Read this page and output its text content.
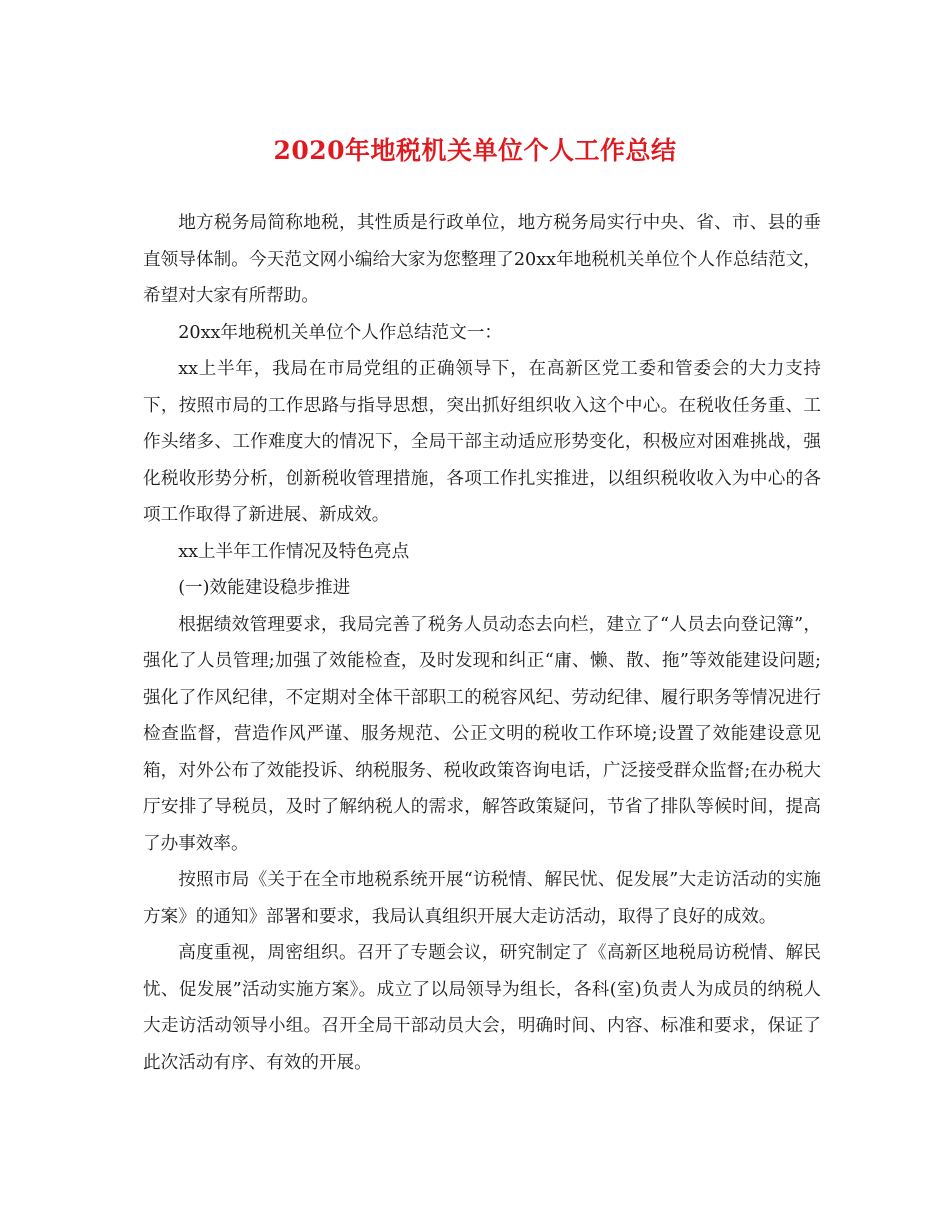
2020年地税机关单位个人工作总结

地方税务局简称地税，其性质是行政单位，地方税务局实行中央、省、市、县的垂直领导体制。今天范文网小编给大家为您整理了20xx年地税机关单位个人作总结范文，希望对大家有所帮助。

20xx年地税机关单位个人作总结范文一：

xx上半年，我局在市局党组的正确领导下，在高新区党工委和管委会的大力支持下，按照市局的工作思路与指导思想，突出抓好组织收入这个中心。在税收任务重、工作头绪多、工作难度大的情况下，全局干部主动适应形势变化，积极应对困难挑战，强化税收形势分析，创新税收管理措施，各项工作扎实推进，以组织税收收入为中心的各项工作取得了新进展、新成效。

xx上半年工作情况及特色亮点

(一)效能建设稳步推进

根据绩效管理要求，我局完善了税务人员动态去向栏，建立了“人员去向登记簿”，强化了人员管理;加强了效能检查，及时发现和纠正“庸、懒、散、拖”等效能建设问题;强化了作风纪律，不定期对全体干部职工的税容风纪、劳动纪律、履行职务等情况进行检查监督，营造作风严谨、服务规范、公正文明的税收工作环境;设置了效能建设意见箱，对外公布了效能投诉、纳税服务、税收政策咨询电话，广泛接受群众监督;在办税大厅安排了导税员，及时了解纳税人的需求，解答政策疑问，节省了排队等候时间，提高了办事效率。

按照市局《关于在全市地税系统开展“访税情、解民忧、促发展”大走访活动的实施方案》的通知》部署和要求，我局认真组织开展大走访活动，取得了良好的成效。

高度重视，周密组织。召开了专题会议，研究制定了《高新区地税局访税情、解民忧、促发展”活动实施方案》。成立了以局领导为组长，各科(室)负责人为成员的纳税人大走访活动领导小组。召开全局干部动员大会，明确时间、内容、标准和要求，保证了此次活动有序、有效的开展。
